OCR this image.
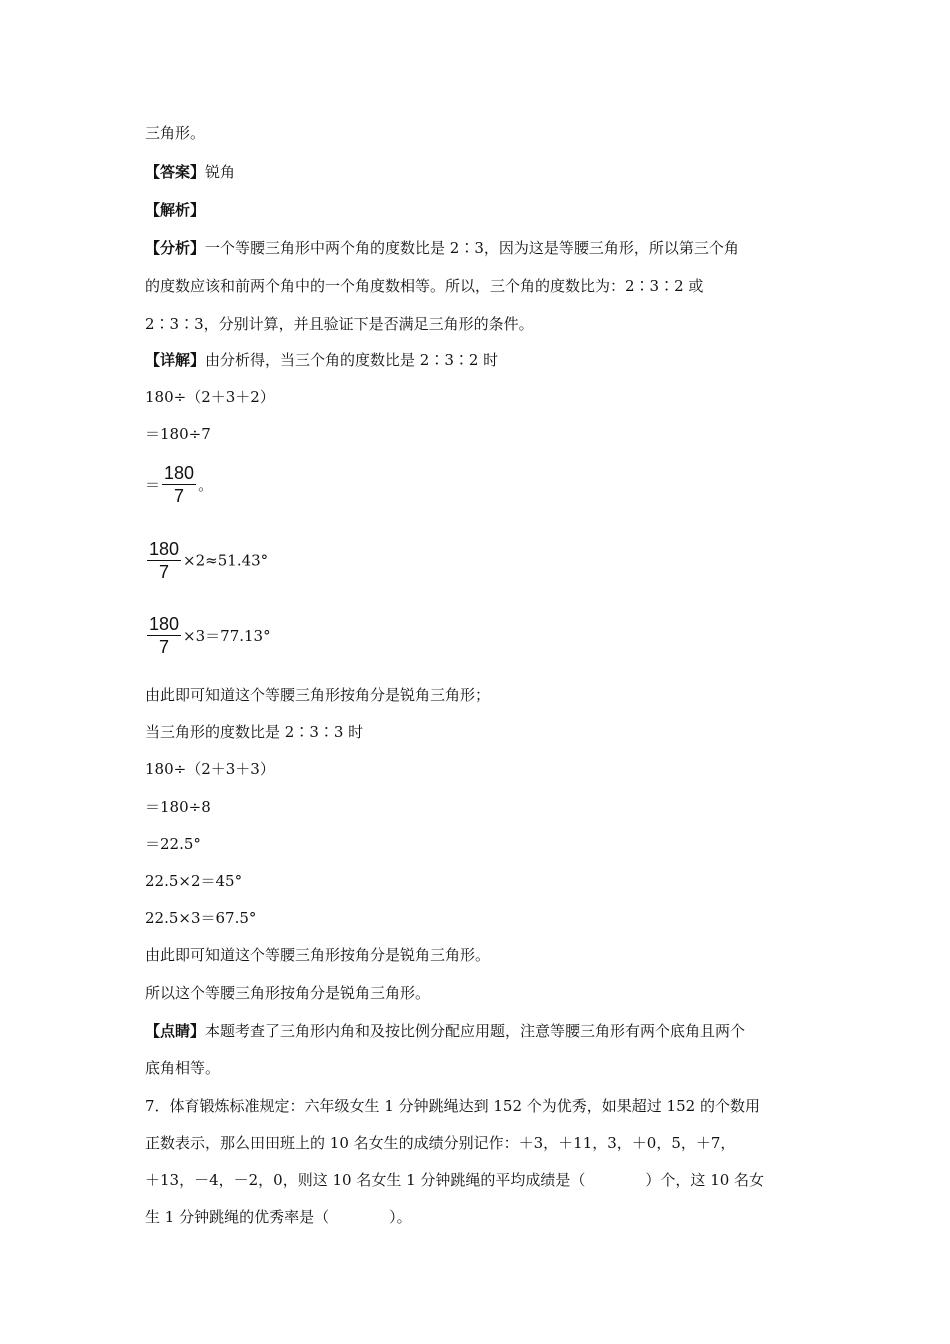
三角形。
【答案】锐角
【解析】
【分析】一个等腰三角形中两个角的度数比是 2∶3，因为这是等腰三角形，所以第三个角
的度数应该和前两个角中的一个角度数相等。所以，三个角的度数比为：2∶3∶2 或
2∶3∶3，分别计算，并且验证下是否满足三角形的条件。
【详解】由分析得，当三个角的度数比是 2∶3∶2 时
180÷（2＋3＋2）
＝180÷7
＝ $\frac{180}{7}$ 。
$\frac{180}{7} \times 2\approx 51.43^\circ$
$\frac{180}{7} \times 3=77.13^\circ$
由此即可知道这个等腰三角形按角分是锐角三角形；
当三角形的度数比是 2∶3∶3 时
180÷（2＋3＋3）
＝180÷8
＝22.5°
22.5×2＝45°
22.5×3＝67.5°
由此即可知道这个等腰三角形按角分是锐角三角形。
所以这个等腰三角形按角分是锐角三角形。
【点睛】本题考查了三角形内角和及按比例分配应用题，注意等腰三角形有两个底角且两个
底角相等。
7．体育锻炼标准规定：六年级女生 1 分钟跳绳达到 152 个为优秀，如果超过 152 的个数用
正数表示，那么田田班上的 10 名女生的成绩分别记作：＋3，＋11，3，＋0，5，＋7，
＋13，－4，－2，0，则这 10 名女生 1 分钟跳绳的平均成绩是（　　　　）个，这 10 名女
生 1 分钟跳绳的优秀率是（　　　　）。
